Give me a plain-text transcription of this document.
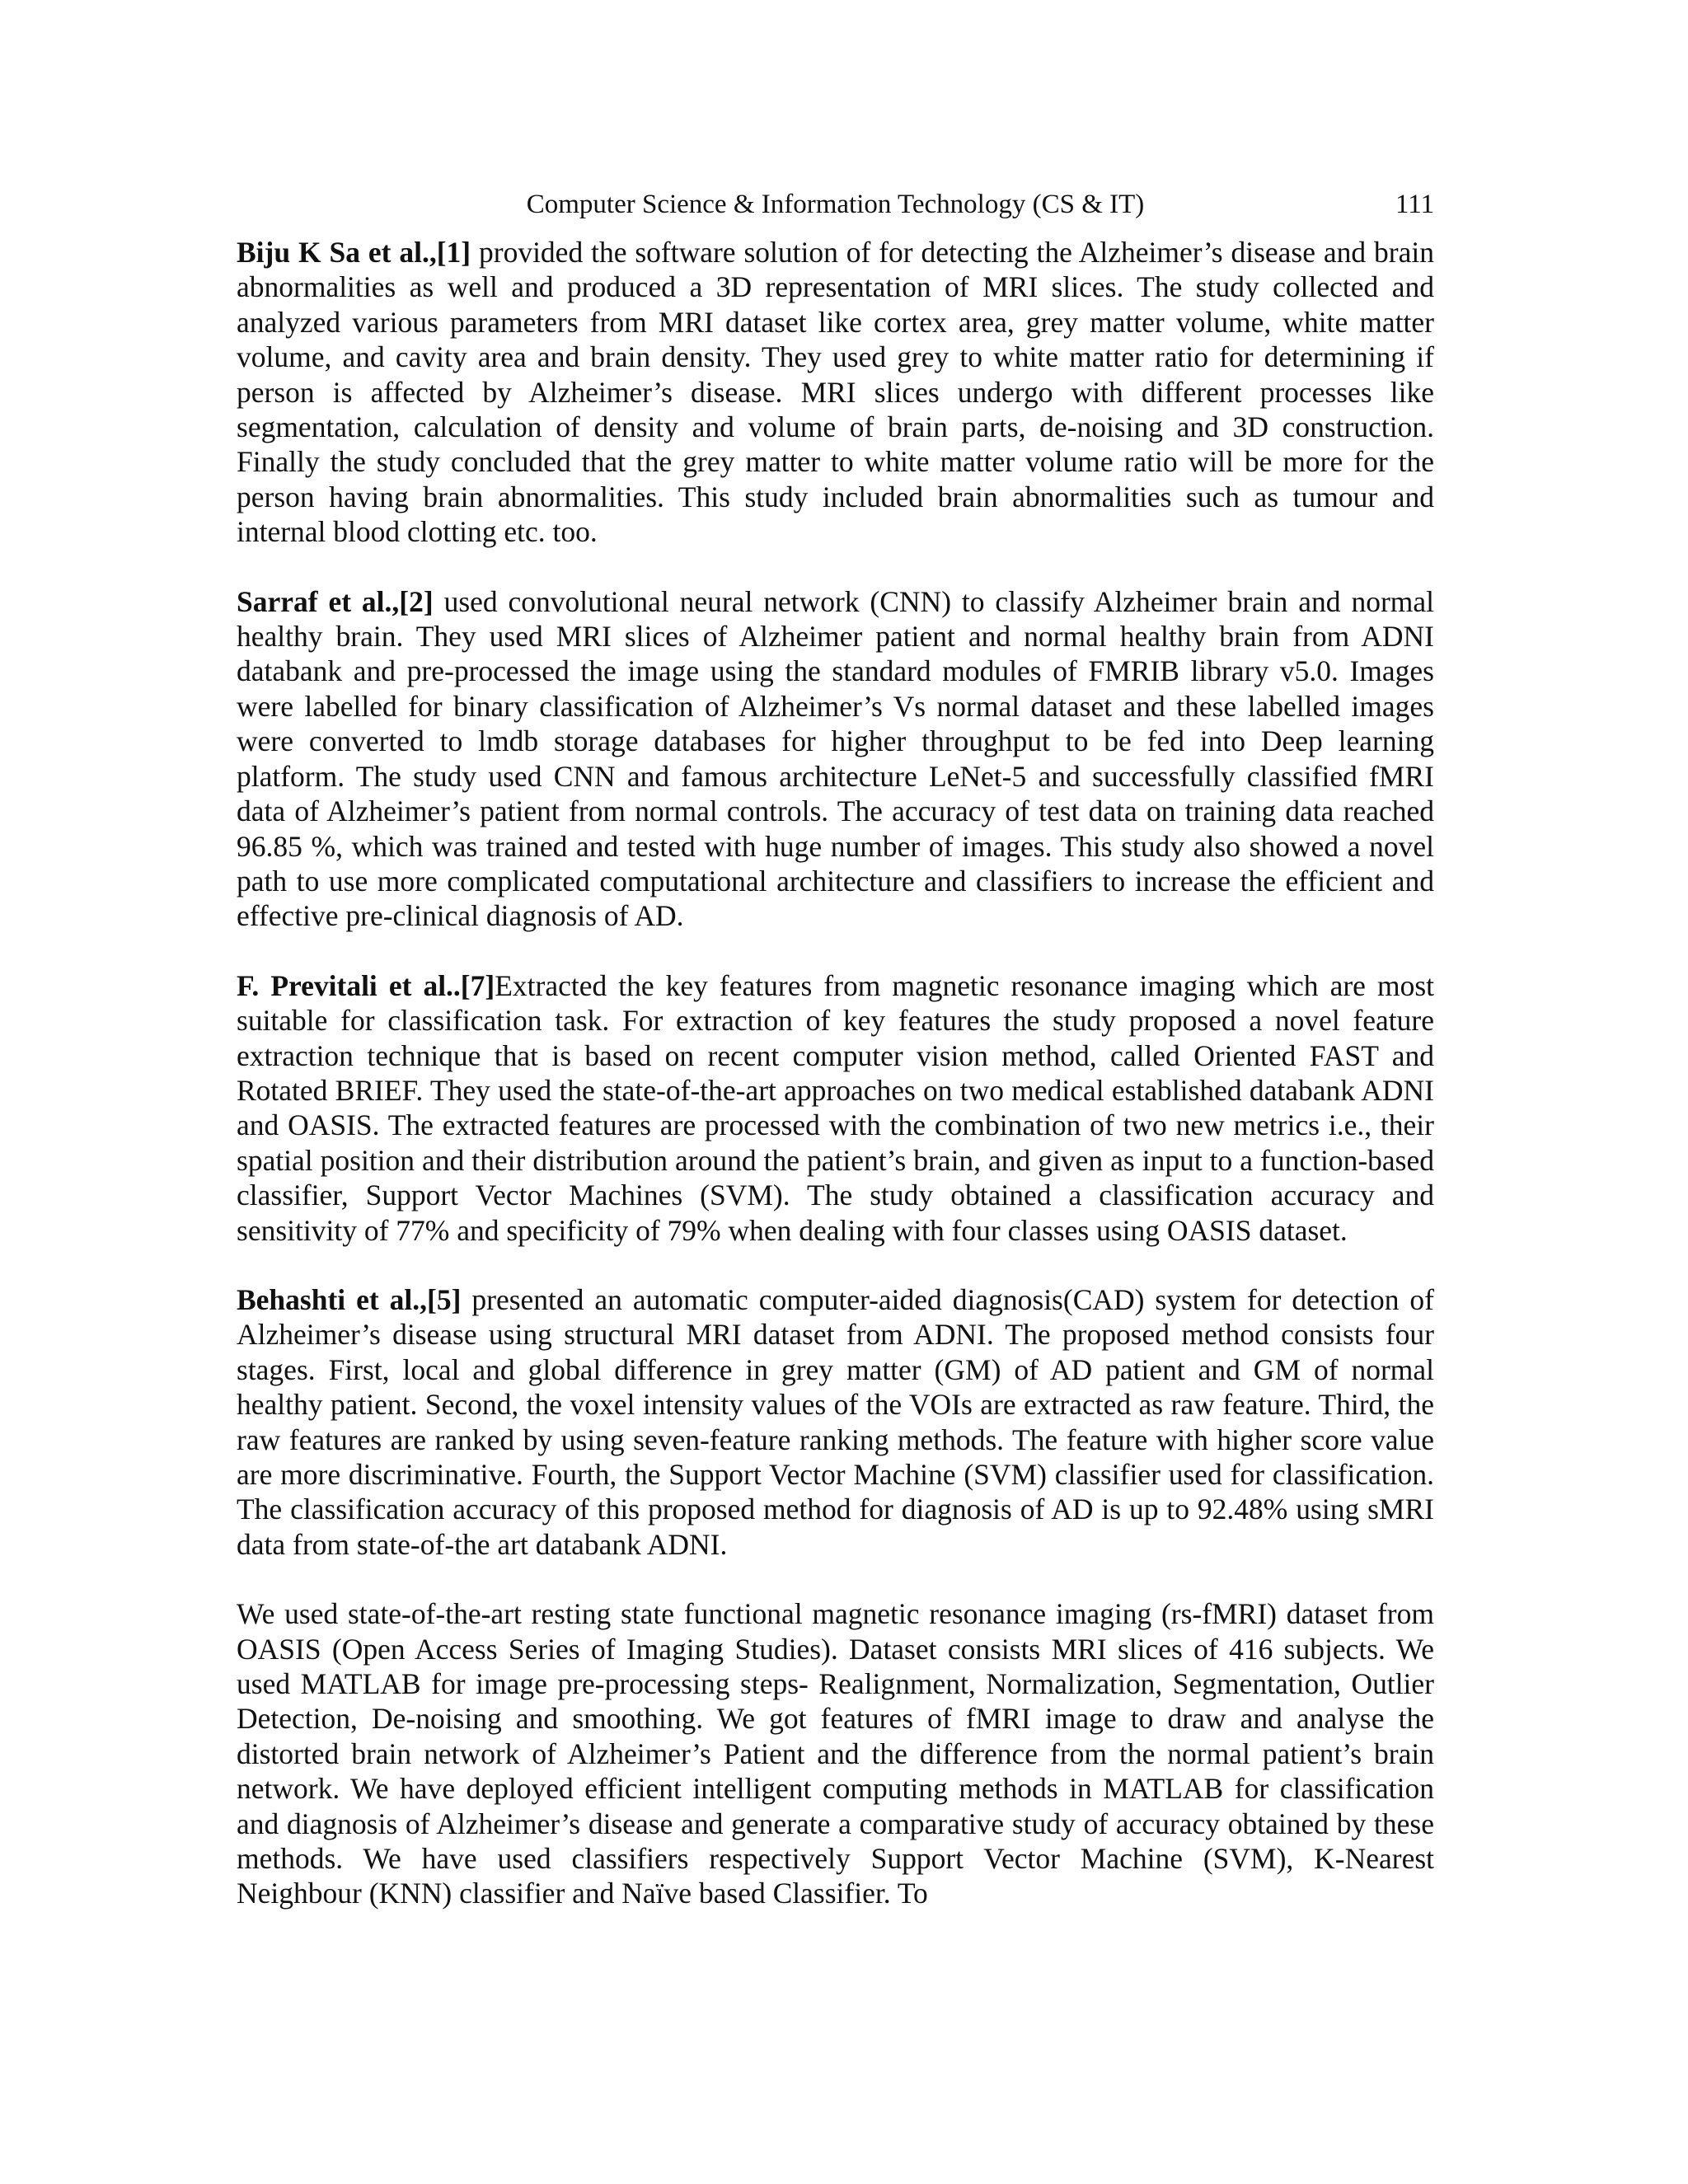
Computer Science & Information Technology (CS & IT)	111

Biju K Sa et al.,[1] provided the software solution of for detecting the Alzheimer’s disease and brain abnormalities as well and produced a 3D representation of MRI slices. The study collected and analyzed various parameters from MRI dataset like cortex area, grey matter volume, white matter volume, and cavity area and brain density. They used grey to white matter ratio for determining if person is affected by Alzheimer’s disease. MRI slices undergo with different processes like segmentation, calculation of density and volume of brain parts, de-noising and 3D construction. Finally the study concluded that the grey matter to white matter volume ratio will be more for the person having brain abnormalities. This study included brain abnormalities such as tumour and internal blood clotting etc. too.

Sarraf et al.,[2] used convolutional neural network (CNN) to classify Alzheimer brain and normal healthy brain. They used MRI slices of Alzheimer patient and normal healthy brain from ADNI databank and pre-processed the image using the standard modules of FMRIB library v5.0. Images were labelled for binary classification of Alzheimer’s Vs normal dataset and these labelled images were converted to lmdb storage databases for higher throughput to be fed into Deep learning platform. The study used CNN and famous architecture LeNet-5 and successfully classified fMRI data of Alzheimer’s patient from normal controls. The accuracy of test data on training data reached 96.85 %, which was trained and tested with huge number of images. This study also showed a novel path to use more complicated computational architecture and classifiers to increase the efficient and effective pre-clinical diagnosis of AD.

F. Previtali et al..[7]Extracted the key features from magnetic resonance imaging which are most suitable for classification task. For extraction of key features the study proposed a novel feature extraction technique that is based on recent computer vision method, called Oriented FAST and Rotated BRIEF. They used the state-of-the-art approaches on two medical established databank ADNI and OASIS. The extracted features are processed with the combination of two new metrics i.e., their spatial position and their distribution around the patient’s brain, and given as input to a function-based classifier, Support Vector Machines (SVM). The study obtained a classification accuracy and sensitivity of 77% and specificity of 79% when dealing with four classes using OASIS dataset.

Behashti et al.,[5] presented an automatic computer-aided diagnosis(CAD) system for detection of Alzheimer’s disease using structural MRI dataset from ADNI. The proposed method consists four stages. First, local and global difference in grey matter (GM) of AD patient and GM of normal healthy patient. Second, the voxel intensity values of the VOIs are extracted as raw feature. Third, the raw features are ranked by using seven-feature ranking methods. The feature with higher score value are more discriminative. Fourth, the Support Vector Machine (SVM) classifier used for classification. The classification accuracy of this proposed method for diagnosis of AD is up to 92.48% using sMRI data from state-of-the art databank ADNI.

We used state-of-the-art resting state functional magnetic resonance imaging (rs-fMRI) dataset from OASIS (Open Access Series of Imaging Studies). Dataset consists MRI slices of 416 subjects. We used MATLAB for image pre-processing steps- Realignment, Normalization, Segmentation, Outlier Detection, De-noising and smoothing. We got features of fMRI image to draw and analyse the distorted brain network of Alzheimer’s Patient and the difference from the normal patient’s brain network. We have deployed efficient intelligent computing methods in MATLAB for classification and diagnosis of Alzheimer’s disease and generate a comparative study of accuracy obtained by these methods. We have used classifiers respectively Support Vector Machine (SVM), K-Nearest Neighbour (KNN) classifier and Naïve based Classifier. To
